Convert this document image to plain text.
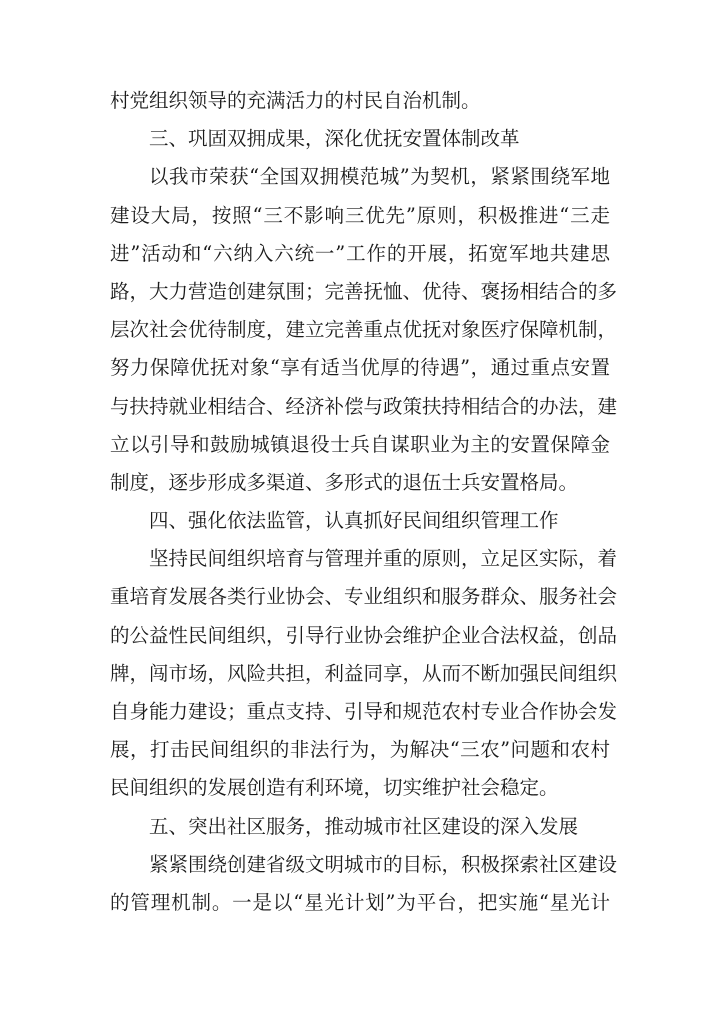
村党组织领导的充满活力的村民自治机制。
三、巩固双拥成果，深化优抚安置体制改革
以我市荣获“全国双拥模范城”为契机，紧紧围绕军地
建设大局，按照“三不影响三优先”原则，积极推进“三走
进”活动和“六纳入六统一”工作的开展，拓宽军地共建思
路，大力营造创建氛围；完善抚恤、优待、褒扬相结合的多
层次社会优待制度，建立完善重点优抚对象医疗保障机制，
努力保障优抚对象“享有适当优厚的待遇”，通过重点安置
与扶持就业相结合、经济补偿与政策扶持相结合的办法，建
立以引导和鼓励城镇退役士兵自谋职业为主的安置保障金
制度，逐步形成多渠道、多形式的退伍士兵安置格局。
四、强化依法监管，认真抓好民间组织管理工作
坚持民间组织培育与管理并重的原则，立足区实际，着
重培育发展各类行业协会、专业组织和服务群众、服务社会
的公益性民间组织，引导行业协会维护企业合法权益，创品
牌，闯市场，风险共担，利益同享，从而不断加强民间组织
自身能力建设；重点支持、引导和规范农村专业合作协会发
展，打击民间组织的非法行为，为解决“三农”问题和农村
民间组织的发展创造有利环境，切实维护社会稳定。
五、突出社区服务，推动城市社区建设的深入发展
紧紧围绕创建省级文明城市的目标，积极探索社区建设
的管理机制。一是以“星光计划”为平台，把实施“星光计
